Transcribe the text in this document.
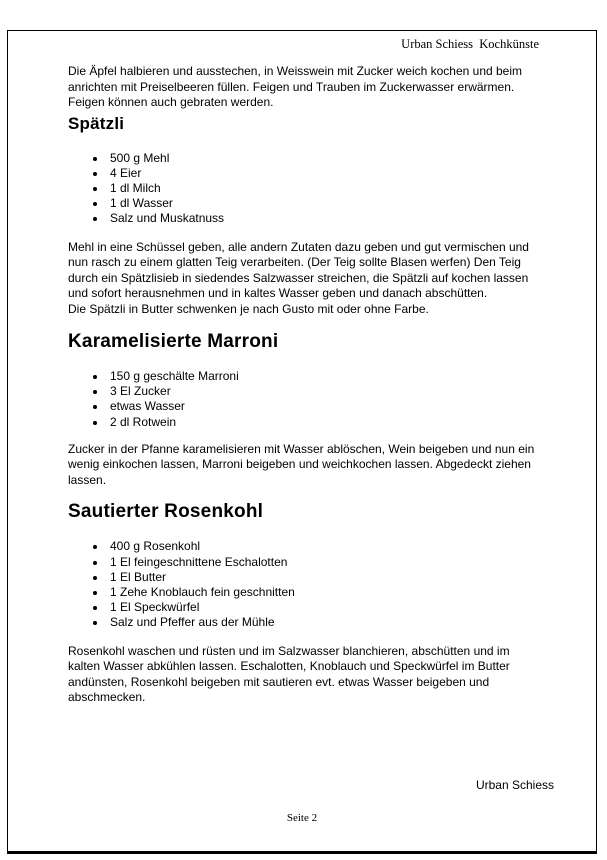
Urban Schiess  Kochkünste

Die Äpfel halbieren und ausstechen, in Weisswein mit Zucker weich kochen und beim anrichten mit Preiselbeeren füllen. Feigen und Trauben im Zuckerwasser erwärmen. Feigen können auch gebraten werden.

Spätzli
• 500 g Mehl
• 4 Eier
• 1 dl Milch
• 1 dl Wasser
• Salz und Muskatnuss

Mehl in eine Schüssel geben, alle andern Zutaten dazu geben und gut vermischen und nun rasch zu einem glatten Teig verarbeiten. (Der Teig sollte Blasen werfen) Den Teig durch ein Spätzlisieb in siedendes Salzwasser streichen, die Spätzli auf kochen lassen und sofort herausnehmen und in kaltes Wasser geben und danach abschütten.

Die Spätzli in Butter schwenken je nach Gusto mit oder ohne Farbe.

Karamelisierte Marroni
• 150 g geschälte Marroni
• 3 El Zucker
• etwas Wasser
• 2 dl Rotwein

Zucker in der Pfanne karamelisieren mit Wasser ablöschen, Wein beigeben und nun ein wenig einkochen lassen, Marroni beigeben und weichkochen lassen. Abgedeckt ziehen lassen.

Sautierter Rosenkohl
• 400 g Rosenkohl
• 1 El feingeschnittene Eschalotten
• 1 El Butter
• 1 Zehe Knoblauch fein geschnitten
• 1 El Speckwürfel
• Salz und Pfeffer aus der Mühle

Rosenkohl waschen und rüsten und im Salzwasser blanchieren, abschütten und im kalten Wasser abkühlen lassen. Eschalotten, Knoblauch und Speckwürfel im Butter andünsten, Rosenkohl beigeben mit sautieren evt. etwas Wasser beigeben und abschmecken.

Urban Schiess
Seite 2
